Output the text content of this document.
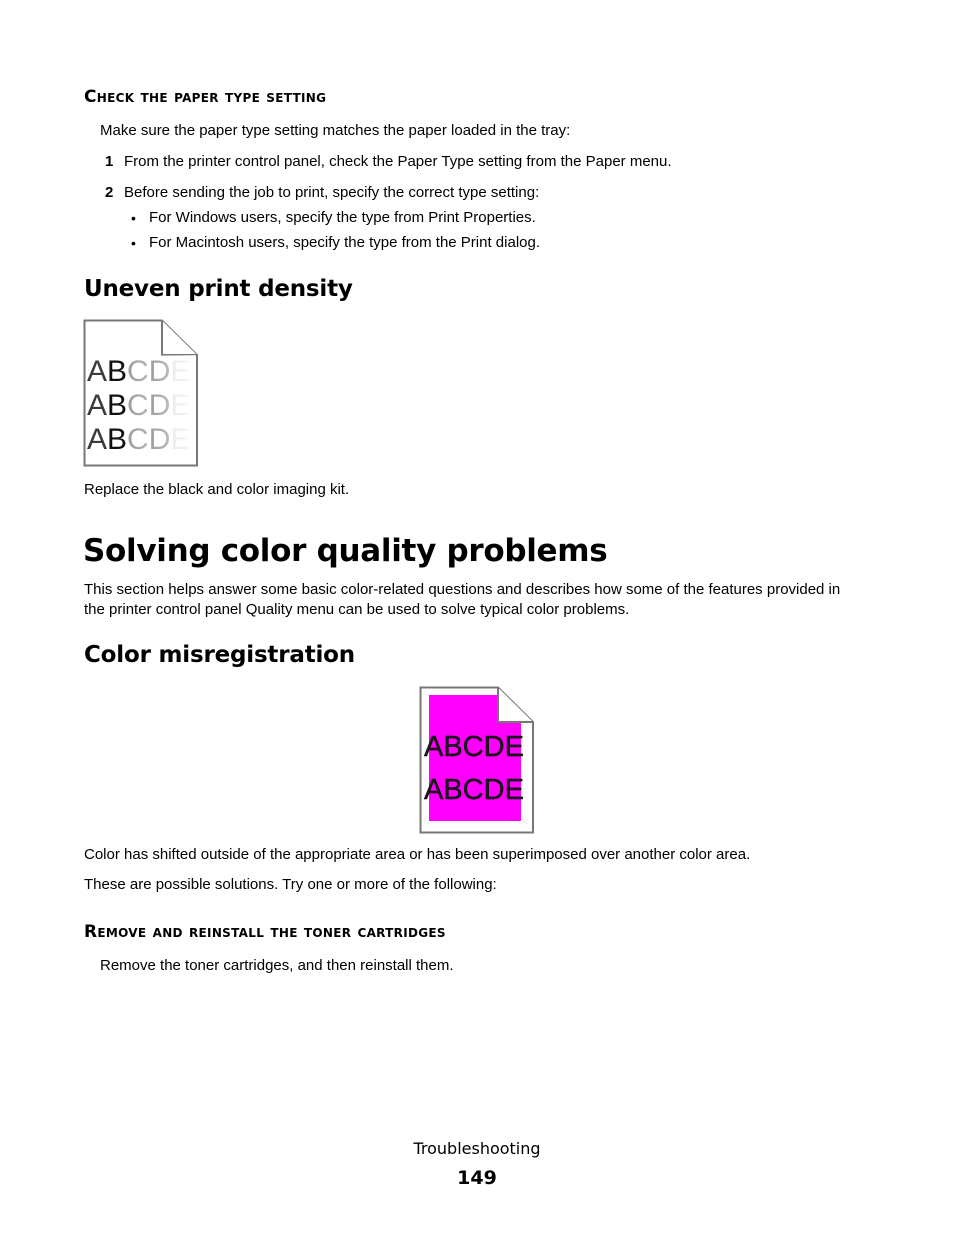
Check the paper type setting

Make sure the paper type setting matches the paper loaded in the tray:

1 From the printer control panel, check the Paper Type setting from the Paper menu.

2 Before sending the job to print, specify the correct type setting:

• For Windows users, specify the type from Print Properties.

• For Macintosh users, specify the type from the Print dialog.

Uneven print density

Replace the black and color imaging kit.

Solving color quality problems

This section helps answer some basic color-related questions and describes how some of the features provided in

the printer control panel Quality menu can be used to solve typical color problems.

Color misregistration
ABCDE
ABCDE

Color has shifted outside of the appropriate area or has been superimposed over another color area.

These are possible solutions. Try one or more of the following:

Remove and reinstall the toner cartridges

Remove the toner cartridges, and then reinstall them.

Troubleshooting

149
